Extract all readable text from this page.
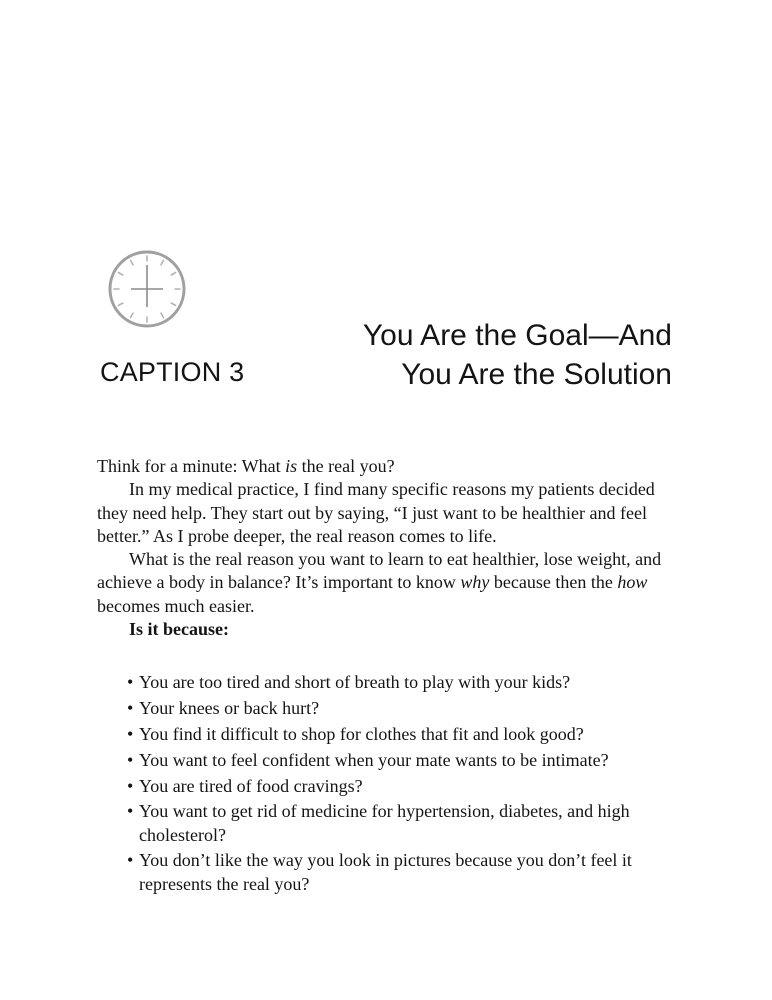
CAPTION 3
You Are the Goal—And
You Are the Solution

Think for a minute: What is the real you?

In my medical practice, I find many specific reasons my patients decided they need help. They start out by saying, “I just want to be healthier and feel better.” As I probe deeper, the real reason comes to life.

What is the real reason you want to learn to eat healthier, lose weight, and achieve a body in balance? It’s important to know why because then the how becomes much easier.

Is it because:

• You are too tired and short of breath to play with your kids?
• Your knees or back hurt?
• You find it difficult to shop for clothes that fit and look good?
• You want to feel confident when your mate wants to be intimate?
• You are tired of food cravings?
• You want to get rid of medicine for hypertension, diabetes, and high cholesterol?
• You don’t like the way you look in pictures because you don’t feel it represents the real you?
